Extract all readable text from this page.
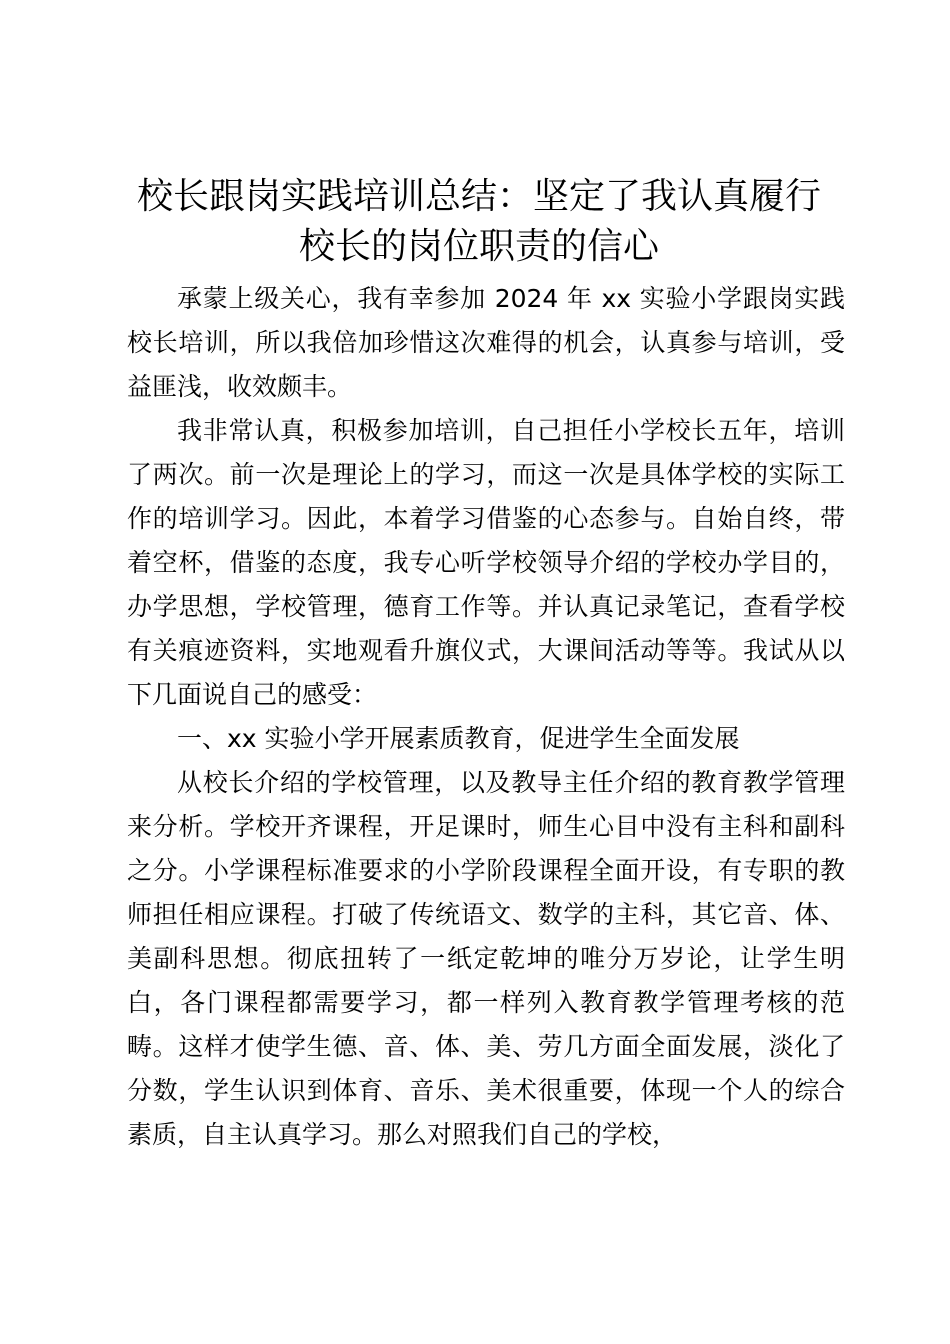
校长跟岗实践培训总结：坚定了我认真履行校长的岗位职责的信心

承蒙上级关心，我有幸参加 2024 年 xx 实验小学跟岗实践校长培训，所以我倍加珍惜这次难得的机会，认真参与培训，受益匪浅，收效颇丰。

我非常认真，积极参加培训，自己担任小学校长五年，培训了两次。前一次是理论上的学习，而这一次是具体学校的实际工作的培训学习。因此，本着学习借鉴的心态参与。自始自终，带着空杯，借鉴的态度，我专心听学校领导介绍的学校办学目的，办学思想，学校管理，德育工作等。并认真记录笔记，查看学校有关痕迹资料，实地观看升旗仪式，大课间活动等等。我试从以下几面说自己的感受：

一、xx 实验小学开展素质教育，促进学生全面发展

从校长介绍的学校管理，以及教导主任介绍的教育教学管理来分析。学校开齐课程，开足课时，师生心目中没有主科和副科之分。小学课程标准要求的小学阶段课程全面开设，有专职的教师担任相应课程。打破了传统语文、数学的主科，其它音、体、美副科思想。彻底扭转了一纸定乾坤的唯分万岁论，让学生明白，各门课程都需要学习，都一样列入教育教学管理考核的范畴。这样才使学生德、音、体、美、劳几方面全面发展，淡化了分数，学生认识到体育、音乐、美术很重要，体现一个人的综合素质，自主认真学习。那么对照我们自己的学校，
